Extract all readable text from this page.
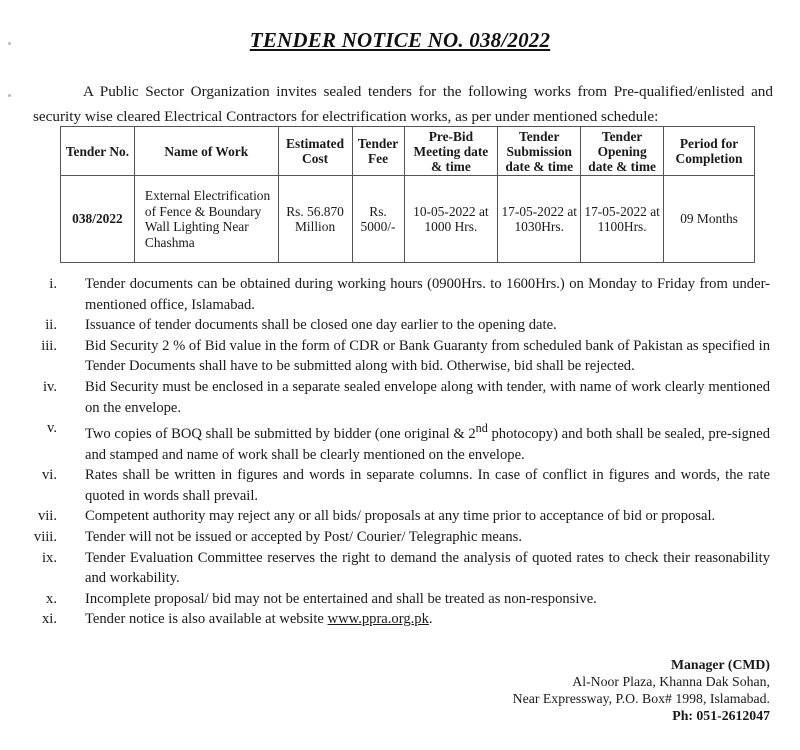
TENDER NOTICE NO. 038/2022

A Public Sector Organization invites sealed tenders for the following works from Pre-qualified/enlisted and security wise cleared Electrical Contractors for electrification works, as per under mentioned schedule:

Tender No.	Name of Work	Estimated Cost	Tender Fee	Pre-Bid Meeting date & time	Tender Submission date & time	Tender Opening date & time	Period for Completion
038/2022	External Electrification of Fence & Boundary Wall Lighting Near Chashma	Rs. 56.870 Million	Rs. 5000/-	10-05-2022 at 1000 Hrs.	17-05-2022 at 1030Hrs.	17-05-2022 at 1100Hrs.	09 Months
i.	Tender documents can be obtained during working hours (0900Hrs. to 1600Hrs.) on Monday to Friday from under- mentioned office, Islamabad.
ii.	Issuance of tender documents shall be closed one day earlier to the opening date.
iii.	Bid Security 2 % of Bid value in the form of CDR or Bank Guaranty from scheduled bank of Pakistan as specified in Tender Documents shall have to be submitted along with bid. Otherwise, bid shall be rejected.
iv.	Bid Security must be enclosed in a separate sealed envelope along with tender, with name of work clearly mentioned on the envelope.
v.	Two copies of BOQ shall be submitted by bidder (one original & 2nd photocopy) and both shall be sealed, pre-signed and stamped and name of work shall be clearly mentioned on the envelope.
vi.	Rates shall be written in figures and words in separate columns. In case of conflict in figures and words, the rate quoted in words shall prevail.
vii.	Competent authority may reject any or all bids/ proposals at any time prior to acceptance of bid or proposal.
viii.	Tender will not be issued or accepted by Post/ Courier/ Telegraphic means.
ix.	Tender Evaluation Committee reserves the right to demand the analysis of quoted rates to check their reasonability and workability.
x.	Incomplete proposal/ bid may not be entertained and shall be treated as non-responsive.
xi.	Tender notice is also available at website www.ppra.org.pk.
Manager (CMD)
Al-Noor Plaza, Khanna Dak Sohan,
Near Expressway, P.O. Box# 1998, Islamabad.
Ph: 051-2612047
